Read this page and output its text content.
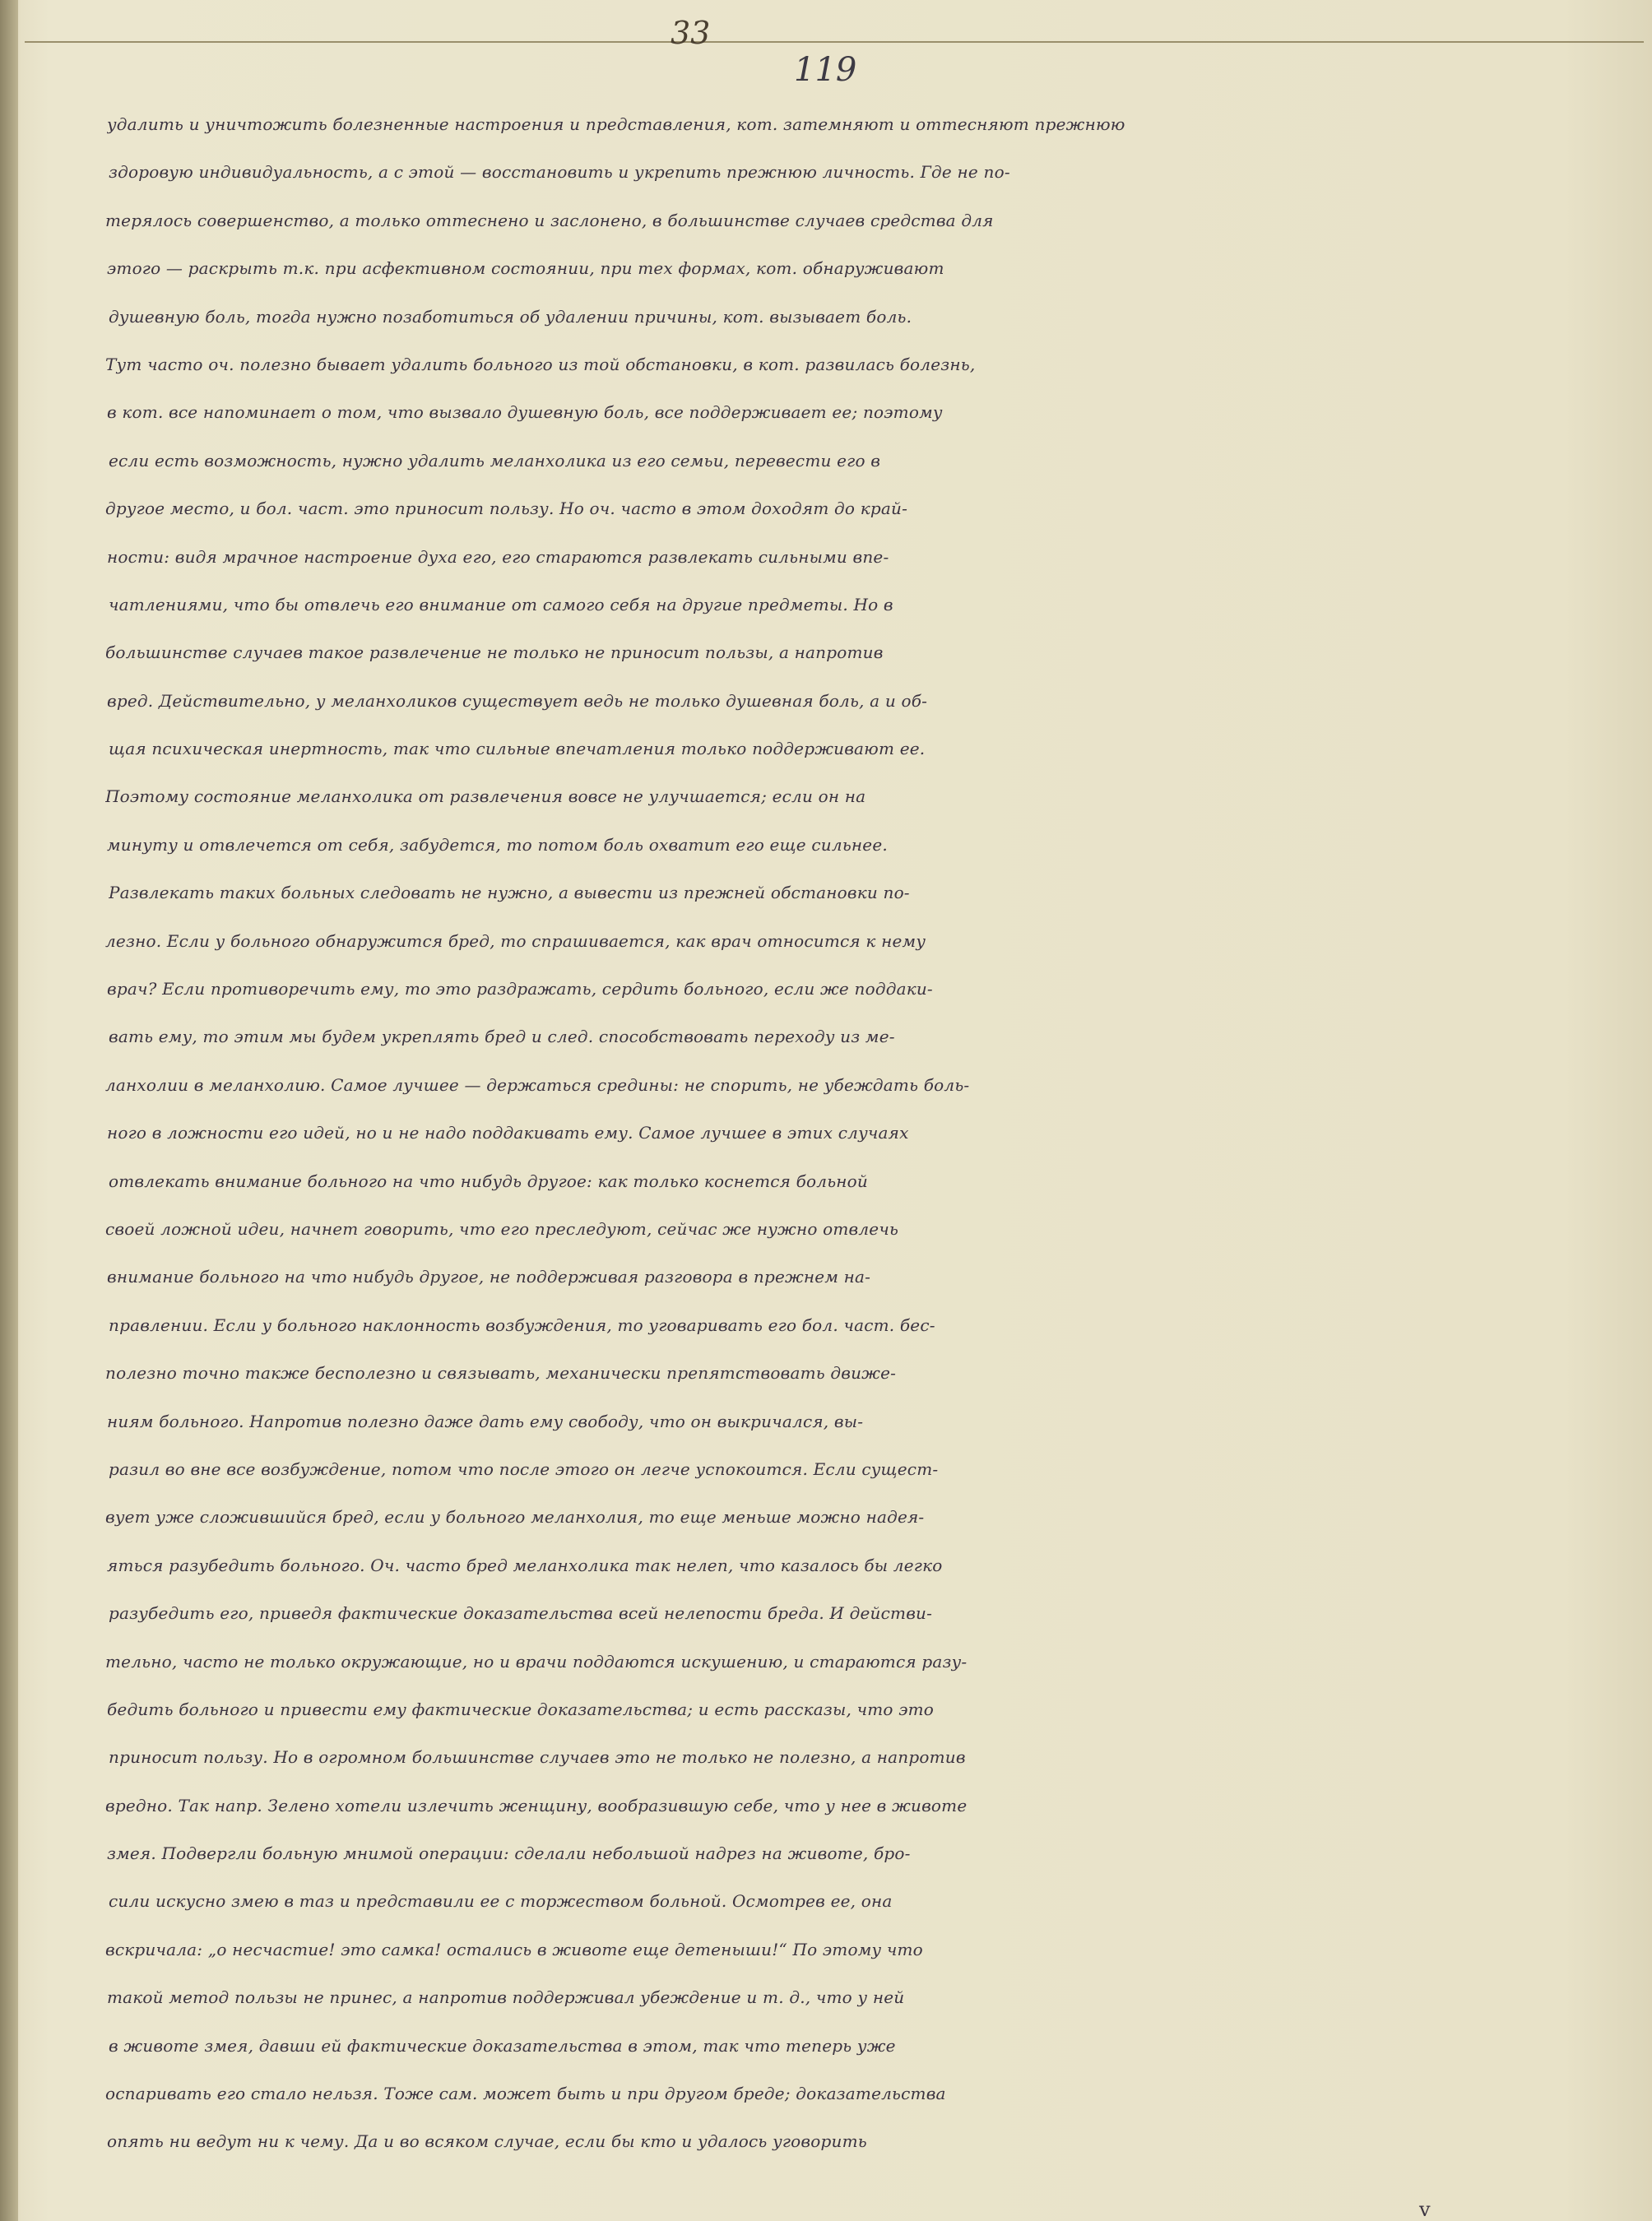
33
119
удалить и уничтожить болезненные настроения и представления, кот. затемняют и оттесняют прежнюю
здоровую индивидуальность, а с этой — восстановить и укрепить прежнюю личность. Где не по-
терялось совершенство, а только оттеснено и заслонено, в большинстве случаев средства для
этого — раскрыть т.к. при асфективном состоянии, при тех формах, кот. обнаруживают
душевную боль, тогда нужно позаботиться об удалении причины, кот. вызывает боль.
Тут часто оч. полезно бывает удалить больного из той обстановки, в кот. развилась болезнь,
в кот. все напоминает о том, что вызвало душевную боль, все поддерживает ее; поэтому
если есть возможность, нужно удалить меланхолика из его семьи, перевести его в
другое место, и бол. част. это приносит пользу. Но оч. часто в этом доходят до край-
ности: видя мрачное настроение духа его, его стараются развлекать сильными впе-
чатлениями, что бы отвлечь его внимание от самого себя на другие предметы. Но в
большинстве случаев такое развлечение не только не приносит пользы, а напротив
вред. Действительно, у меланхоликов существует ведь не только душевная боль, а и об-
щая психическая инертность, так что сильные впечатления только поддерживают ее.
Поэтому состояние меланхолика от развлечения вовсе не улучшается; если он на
минуту и отвлечется от себя, забудется, то потом боль охватит его еще сильнее.
Развлекать таких больных следовать не нужно, а вывести из прежней обстановки по-
лезно. Если у больного обнаружится бред, то спрашивается, как врач относится к нему
врач? Если противоречить ему, то это раздражать, сердить больного, если же поддаки-
вать ему, то этим мы будем укреплять бред и след. способствовать переходу из ме-
ланхолии в меланхолию. Самое лучшее — держаться средины: не спорить, не убеждать боль-
ного в ложности его идей, но и не надо поддакивать ему. Самое лучшее в этих случаях
отвлекать внимание больного на что нибудь другое: как только коснется больной
своей ложной идеи, начнет говорить, что его преследуют, сейчас же нужно отвлечь
внимание больного на что нибудь другое, не поддерживая разговора в прежнем на-
правлении. Если у больного наклонность возбуждения, то уговаривать его бол. част. бес-
полезно точно также бесполезно и связывать, механически препятствовать движе-
ниям больного. Напротив полезно даже дать ему свободу, что он выкричался, вы-
разил во вне все возбуждение, потом что после этого он легче успокоится. Если сущест-
вует уже сложившийся бред, если у больного меланхолия, то еще меньше можно надея-
яться разубедить больного. Оч. часто бред меланхолика так нелеп, что казалось бы легко
разубедить его, приведя фактические доказательства всей нелепости бреда. И действи-
тельно, часто не только окружающие, но и врачи поддаются искушению, и стараются разу-
бедить больного и привести ему фактические доказательства; и есть рассказы, что это
приносит пользу. Но в огромном большинстве случаев это не только не полезно, а напротив
вредно. Так напр. Зелено хотели излечить женщину, вообразившую себе, что у нее в животе
змея. Подвергли больную мнимой операции: сделали небольшой надрез на животе, бро-
сили искусно змею в таз и представили ее с торжеством больной. Осмотрев ее, она
вскричала: „о несчастие! это самка! остались в животе еще детеныши!“ По этому что
такой метод пользы не принес, а напротив поддерживал убеждение и т. д., что у ней
в животе змея, давши ей фактические доказательства в этом, так что теперь уже
оспаривать его стало нельзя. Тоже сам. может быть и при другом бреде; доказательства
опять ни ведут ни к чему. Да и во всяком случае, если бы кто и удалось уговорить
v
